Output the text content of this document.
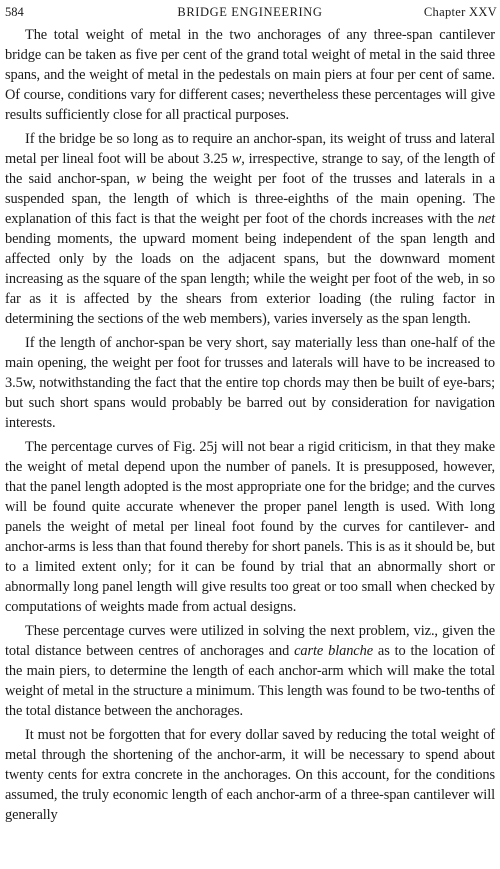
584	BRIDGE ENGINEERING	Chapter XXV

The total weight of metal in the two anchorages of any three-span cantilever bridge can be taken as five per cent of the grand total weight of metal in the said three spans, and the weight of metal in the pedestals on main piers at four per cent of same. Of course, conditions vary for different cases; nevertheless these percentages will give results sufficiently close for all practical purposes.

If the bridge be so long as to require an anchor-span, its weight of truss and lateral metal per lineal foot will be about 3.25 w, irrespective, strange to say, of the length of the said anchor-span, w being the weight per foot of the trusses and laterals in a suspended span, the length of which is three-eighths of the main opening. The explanation of this fact is that the weight per foot of the chords increases with the net bending moments, the upward moment being independent of the span length and affected only by the loads on the adjacent spans, but the downward moment increasing as the square of the span length; while the weight per foot of the web, in so far as it is affected by the shears from exterior loading (the ruling factor in determining the sections of the web members), varies inversely as the span length.

If the length of anchor-span be very short, say materially less than one-half of the main opening, the weight per foot for trusses and laterals will have to be increased to 3.5w, notwithstanding the fact that the entire top chords may then be built of eye-bars; but such short spans would probably be barred out by consideration for navigation interests.

The percentage curves of Fig. 25j will not bear a rigid criticism, in that they make the weight of metal depend upon the number of panels. It is presupposed, however, that the panel length adopted is the most appropriate one for the bridge; and the curves will be found quite accurate whenever the proper panel length is used. With long panels the weight of metal per lineal foot found by the curves for cantilever- and anchor-arms is less than that found thereby for short panels. This is as it should be, but to a limited extent only; for it can be found by trial that an abnormally short or abnormally long panel length will give results too great or too small when checked by computations of weights made from actual designs.

These percentage curves were utilized in solving the next problem, viz., given the total distance between centres of anchorages and carte blanche as to the location of the main piers, to determine the length of each anchor-arm which will make the total weight of metal in the structure a minimum. This length was found to be two-tenths of the total distance between the anchorages.

It must not be forgotten that for every dollar saved by reducing the total weight of metal through the shortening of the anchor-arm, it will be necessary to spend about twenty cents for extra concrete in the anchorages. On this account, for the conditions assumed, the truly economic length of each anchor-arm of a three-span cantilever will generally
